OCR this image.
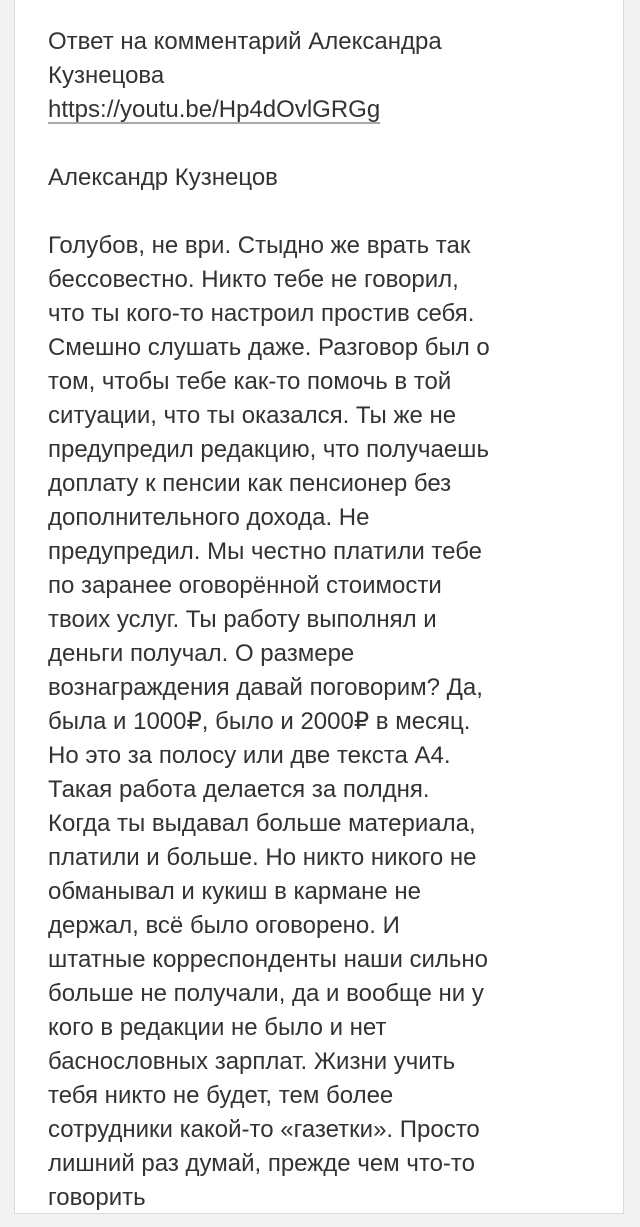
Ответ на комментарий Александра
Кузнецова
https://youtu.be/Hp4dOvlGRGg
Александр Кузнецов
Голубов, не ври. Стыдно же врать так
бессовестно. Никто тебе не говорил,
что ты кого-то настроил простив себя.
Смешно слушать даже. Разговор был о
том, чтобы тебе как-то помочь в той
ситуации, что ты оказался. Ты же не
предупредил редакцию, что получаешь
доплату к пенсии как пенсионер без
дополнительного дохода. Не
предупредил. Мы честно платили тебе
по заранее оговорённой стоимости
твоих услуг. Ты работу выполнял и
деньги получал. О размере
вознаграждения давай поговорим? Да,
была и 1000₽, было и 2000₽ в месяц.
Но это за полосу или две текста А4.
Такая работа делается за полдня.
Когда ты выдавал больше материала,
платили и больше. Но никто никого не
обманывал и кукиш в кармане не
держал, всё было оговорено. И
штатные корреспонденты наши сильно
больше не получали, да и вообще ни у
кого в редакции не было и нет
баснословных зарплат. Жизни учить
тебя никто не будет, тем более
сотрудники какой-то «газетки». Просто
лишний раз думай, прежде чем что-то
говорить
